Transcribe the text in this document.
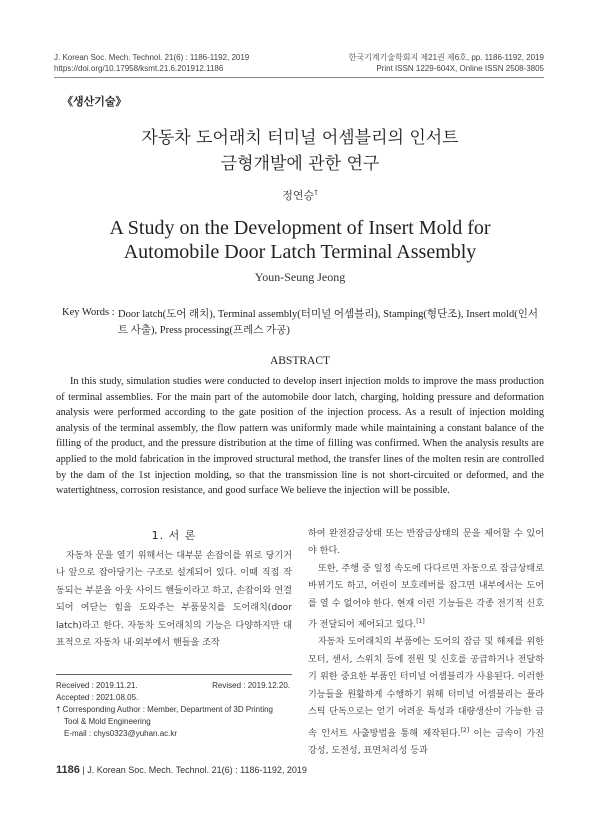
J. Korean Soc. Mech. Technol. 21(6) : 1186-1192, 2019
https://doi.org/10.17958/ksmt.21.6.201912.1186
한국기계기술학회지 제21권 제6호, pp. 1186-1192, 2019
Print ISSN 1229-604X, Online ISSN 2508-3805
《생산기술》
자동차 도어래치 터미널 어셈블리의 인서트
금형개발에 관한 연구
정연승†
A Study on the Development of Insert Mold for
Automobile Door Latch Terminal Assembly
Youn-Seung Jeong
Key Words : Door latch(도어 래치), Terminal assembly(터미널 어셈블리), Stamping(형단조), Insert mold(인서트 사출), Press processing(프레스 가공)
ABSTRACT

In this study, simulation studies were conducted to develop insert injection molds to improve the mass production of terminal assemblies. For the main part of the automobile door latch, charging, holding pressure and deformation analysis were performed according to the gate position of the injection process. As a result of injection molding analysis of the terminal assembly, the flow pattern was uniformly made while maintaining a constant balance of the filling of the product, and the pressure distribution at the time of filling was confirmed. When the analysis results are applied to the mold fabrication in the improved structural method, the transfer lines of the molten resin are controlled by the dam of the 1st injection molding, so that the transmission line is not short-circuited or deformed, and the watertightness, corrosion resistance, and good surface We believe the injection will be possible.

1. 서 론

자동차 문을 열기 위해서는 대부분 손잡이를 위로 당기거나 앞으로 잡아당기는 구조로 설계되어 있다. 이때 직접 작동되는 부분을 아웃 사이드 핸들이라고 하고, 손잡이와 연결되어 여닫는 힘을 도와주는 부품뭉치를 도어래치(door latch)라고 한다. 자동차 도어래치의 기능은 다양하지만 대표적으로 자동차 내·외부에서 핸들을 조작

하여 완전잠금상태 또는 반잠금상태의 문을 제어할 수 있어야 한다.

또한, 주행 중 일정 속도에 다다르면 자동으로 잠금상태로 바뀌기도 하고, 어린이 보호레버를 잡그면 내부에서는 도어를 열 수 없어야 한다. 현재 이런 기능들은 각종 전기적 신호가 전달되어 제어되고 있다.[1]

자동차 도어래치의 부품에는 도어의 잠금 및 해제를 위한 모터, 센서, 스위치 등에 전원 및 신호를 공급하거나 전달하기 위한 중요한 부품인 터미널 어셈블리가 사용된다. 이러한 기능들을 원활하게 수행하기 위해 터미널 어셈블리는 플라스틱 단독으로는 얻기 어려운 특성과 대량생산이 가능한 금속 인서트 사출방법을 통해 제작된다.[2] 이는 금속이 가진 강성, 도전성, 표면처리성 등과

Received : 2019.11.21.	Revised : 2019.12.20.
Accepted : 2021.08.05.
† Corresponding Author : Member, Department of 3D Printing
Tool & Mold Engineering
E-mail : chys0323@yuhan.ac.kr
1186 | J. Korean Soc. Mech. Technol. 21(6) : 1186-1192, 2019
